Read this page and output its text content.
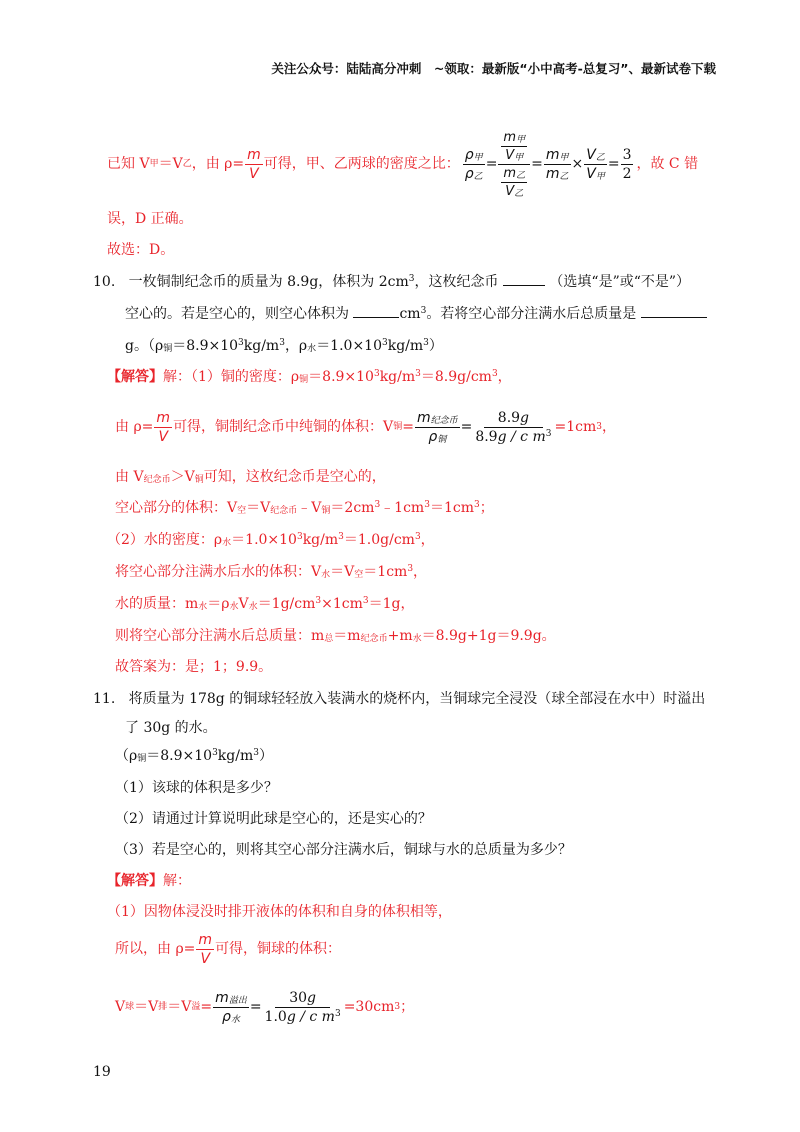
关注公众号：陆陆高分冲刺　~领取：最新版“小中高考-总复习”、最新试卷下载
已知 V 甲 ＝V 乙 ，由 $\rho= \frac{m}{V}$ 可得，甲、乙两球的密度之比： $\frac{\rho_甲}{\rho_乙} = \frac{\frac{m_甲}{V_甲}}{\frac{m_乙}{V_乙}} = \frac{m_甲}{m_乙} \times \frac{V_乙}{V_甲} = \frac{3}{2}$ ，故 C 错
误，D 正确。
故选：D。
10. 一枚铜制纪念币的质量为 8.9g，体积为 $2cm^3$，这枚纪念币	（选填“是”或“不是”）
空心的。若是空心的，则空心体积为	$cm^3$。若将空心部分注满水后总质量是
g。（$\rho_铜=8.9\times 10^3kg/m^3$，$\rho_水=1.0\times 10^3kg/m^3$）
【解答】解：（1）铜的密度：$\rho_铜=8.9\times 10^3kg/m^3=8.9g/cm^3$，
由 $\rho= \frac{m}{V}$ 可得，铜制纪念币中纯铜的体积：V 铜 = $\frac{m_{纪念币}}{\rho_铜} = \frac{8.9g}{8.9g / c m^3} =1cm$ 3 ，
由 $V_{纪念币}>V_铜$可知，这枚纪念币是空心的，
空心部分的体积：$V_空=V_{纪念币}﹣V_铜=2cm^3﹣1cm^3=1cm^3$；
（2）水的密度：$\rho_水=1.0\times 10^3kg/m^3=1.0g/cm^3$，
将空心部分注满水后水的体积：$V_水=V_空=1cm^3$，
水的质量：$m_水=\rho_水V_水=1g/cm^3\times 1cm^3=1g$，
则将空心部分注满水后总质量：$m_总=m_{纪念币}+m_水=8.9g+1g=9.9g$。
故答案为：是；1；9.9。
11. 将质量为 178g 的铜球轻轻放入装满水的烧杯内，当铜球完全浸没（球全部浸在水中）时溢出
了 30g 的水。
$(\rho_铜=8.9\times 10^3kg/m^3)$
（1）该球的体积是多少？
（2）请通过计算说明此球是空心的，还是实心的？
（3）若是空心的，则将其空心部分注满水后，铜球与水的总质量为多少？
【解答】解：
（1）因物体浸没时排开液体的体积和自身的体积相等，
所以，由 $\rho= \frac{m}{V}$ 可得，铜球的体积：
V 球 ＝V 排 ＝V 溢 = $\frac{m_{溢出}}{\rho_水} = \frac{30g}{1.0g / c m^3} =30cm$ 3 ；
19
